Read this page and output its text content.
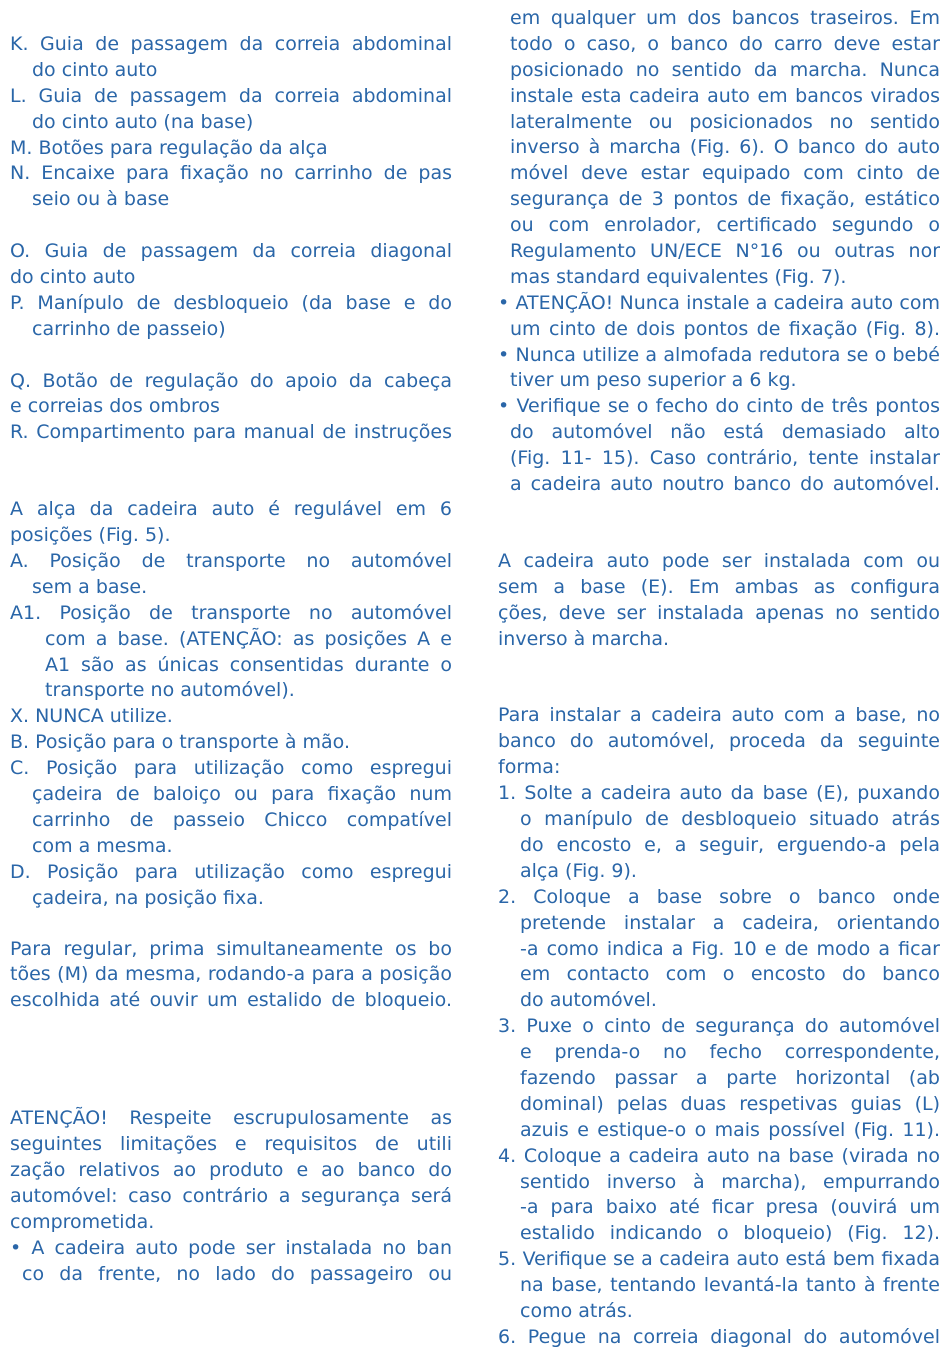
K. Guia de passagem da correia abdominal
do cinto auto
L. Guia de passagem da correia abdominal
do cinto auto (na base)
M. Botões para regulação da alça
N. Encaixe para fixação no carrinho de pas
seio ou à base
O. Guia de passagem da correia diagonal
do cinto auto
P. Manípulo de desbloqueio (da base e do
carrinho de passeio)
Q. Botão de regulação do apoio da cabeça
e correias dos ombros
R. Compartimento para manual de instruções
A alça da cadeira auto é regulável em 6
posições (Fig. 5).
A. Posição de transporte no automóvel
sem a base.
A1. Posição de transporte no automóvel
com a base. (ATENÇÃO: as posições A e
A1 são as únicas consentidas durante o
transporte no automóvel).
X. NUNCA utilize.
B. Posição para o transporte à mão.
C. Posição para utilização como espregui
çadeira de baloiço ou para fixação num
carrinho de passeio Chicco compatível
com a mesma.
D. Posição para utilização como espregui
çadeira, na posição fixa.
Para regular, prima simultaneamente os bo
tões (M) da mesma, rodando-a para a posição
escolhida até ouvir um estalido de bloqueio.
ATENÇÃO! Respeite escrupulosamente as
seguintes limitações e requisitos de utili
zação relativos ao produto e ao banco do
automóvel: caso contrário a segurança será
comprometida.
• A cadeira auto pode ser instalada no ban
co da frente, no lado do passageiro ou
em qualquer um dos bancos traseiros. Em
todo o caso, o banco do carro deve estar
posicionado no sentido da marcha. Nunca
instale esta cadeira auto em bancos virados
lateralmente ou posicionados no sentido
inverso à marcha (Fig. 6). O banco do auto
móvel deve estar equipado com cinto de
segurança de 3 pontos de fixação, estático
ou com enrolador, certificado segundo o
Regulamento UN/ECE N°16 ou outras nor
mas standard equivalentes (Fig. 7).
• ATENÇÃO! Nunca instale a cadeira auto com
um cinto de dois pontos de fixação (Fig. 8).
• Nunca utilize a almofada redutora se o bebé
tiver um peso superior a 6 kg.
• Verifique se o fecho do cinto de três pontos
do automóvel não está demasiado alto
(Fig. 11- 15). Caso contrário, tente instalar
a cadeira auto noutro banco do automóvel.
A cadeira auto pode ser instalada com ou
sem a base (E). Em ambas as configura
ções, deve ser instalada apenas no sentido
inverso à marcha.
Para instalar a cadeira auto com a base, no
banco do automóvel, proceda da seguinte
forma:
1. Solte a cadeira auto da base (E), puxando
o manípulo de desbloqueio situado atrás
do encosto e, a seguir, erguendo-a pela
alça (Fig. 9).
2. Coloque a base sobre o banco onde
pretende instalar a cadeira, orientando
-a como indica a Fig. 10 e de modo a ficar
em contacto com o encosto do banco
do automóvel.
3. Puxe o cinto de segurança do automóvel
e prenda-o no fecho correspondente,
fazendo passar a parte horizontal (ab
dominal) pelas duas respetivas guias (L)
azuis e estique-o o mais possível (Fig. 11).
4. Coloque a cadeira auto na base (virada no
sentido inverso à marcha), empurrando
-a para baixo até ficar presa (ouvirá um
estalido indicando o bloqueio) (Fig. 12).
5. Verifique se a cadeira auto está bem fixada
na base, tentando levantá-la tanto à frente
como atrás.
6. Pegue na correia diagonal do automóvel
